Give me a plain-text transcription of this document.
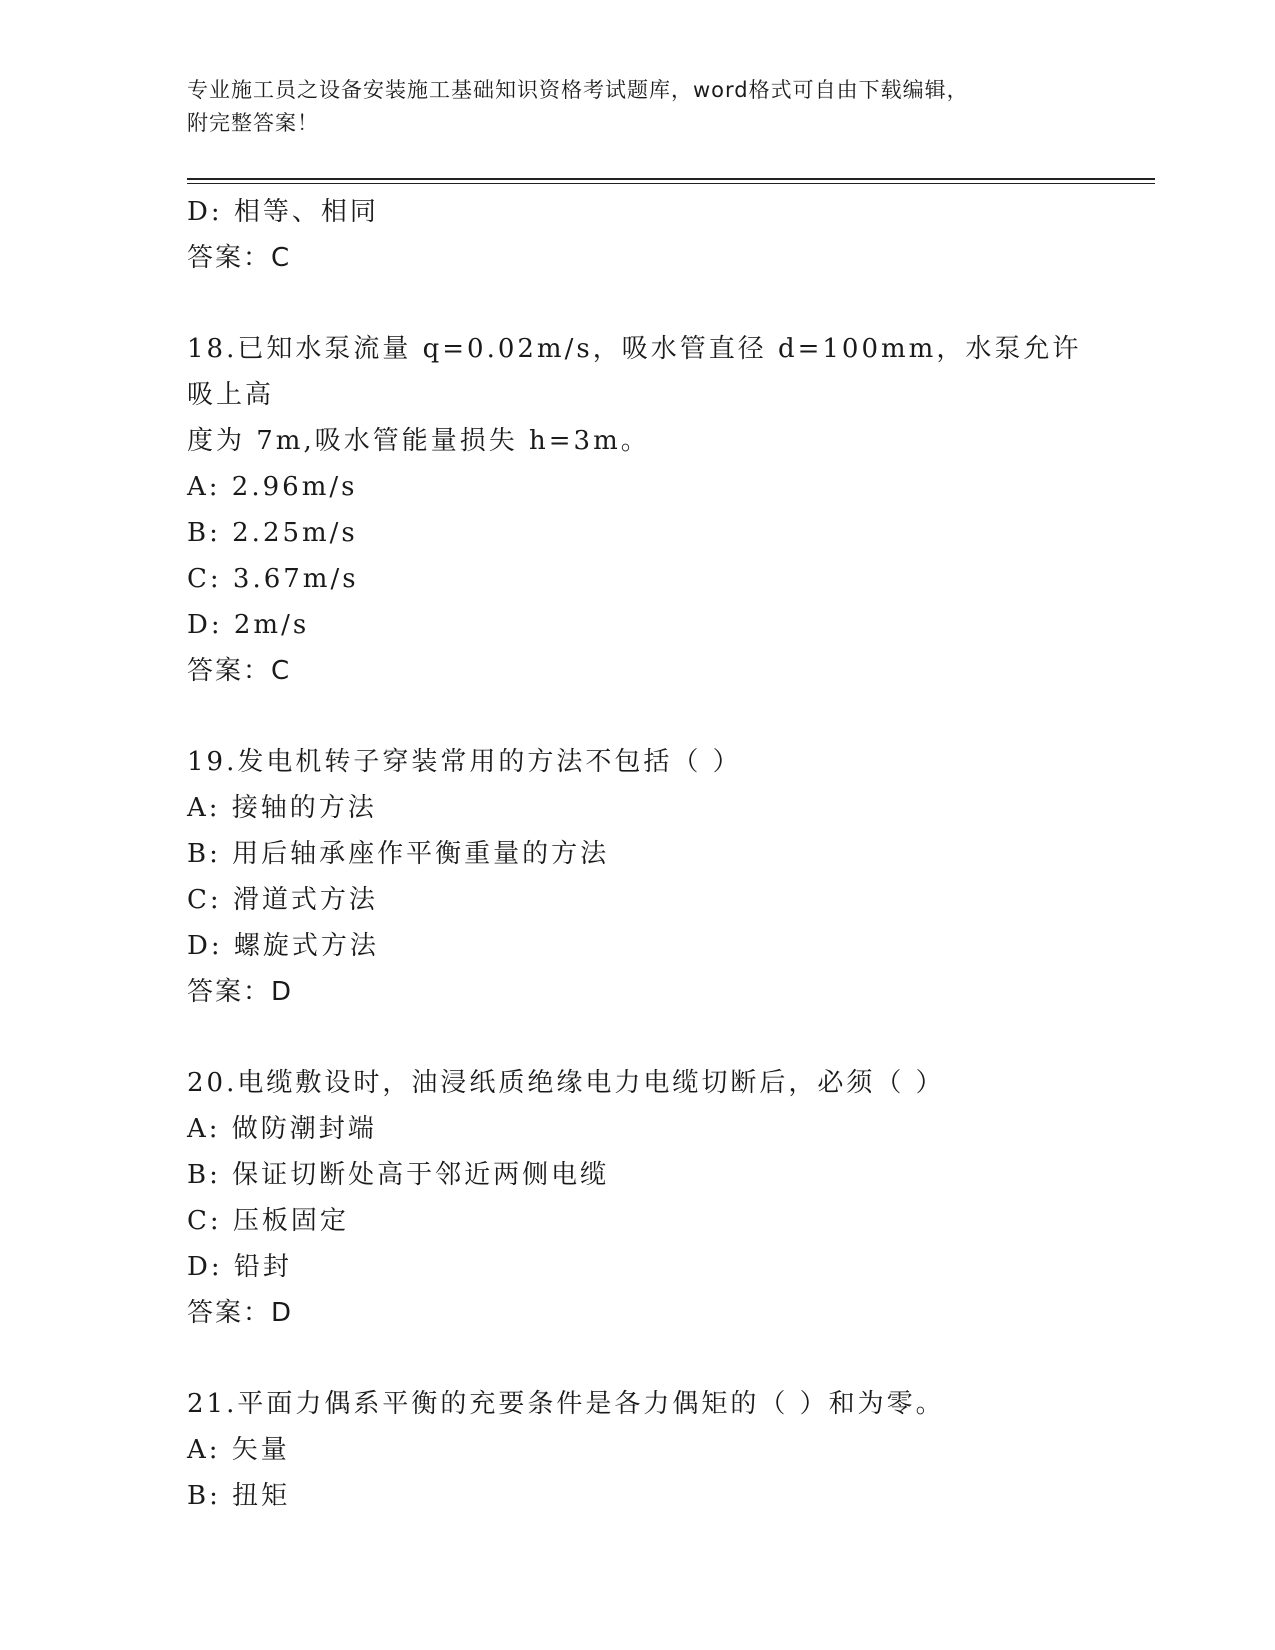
专业施工员之设备安装施工基础知识资格考试题库，word格式可自由下载编辑，
附完整答案！
D: 相等、相同
答案：C
18.已知水泵流量 q=0.02m/s，吸水管直径 d=100mm，水泵允许吸上高
度为 7m,吸水管能量损失 h=3m。
A: 2.96m/s
B: 2.25m/s
C: 3.67m/s
D: 2m/s
答案：C
19.发电机转子穿装常用的方法不包括（ ）
A: 接轴的方法
B: 用后轴承座作平衡重量的方法
C: 滑道式方法
D: 螺旋式方法
答案：D
20.电缆敷设时，油浸纸质绝缘电力电缆切断后，必须（ ）
A: 做防潮封端
B: 保证切断处高于邻近两侧电缆
C: 压板固定
D: 铅封
答案：D
21.平面力偶系平衡的充要条件是各力偶矩的（ ）和为零。
A: 矢量
B: 扭矩
